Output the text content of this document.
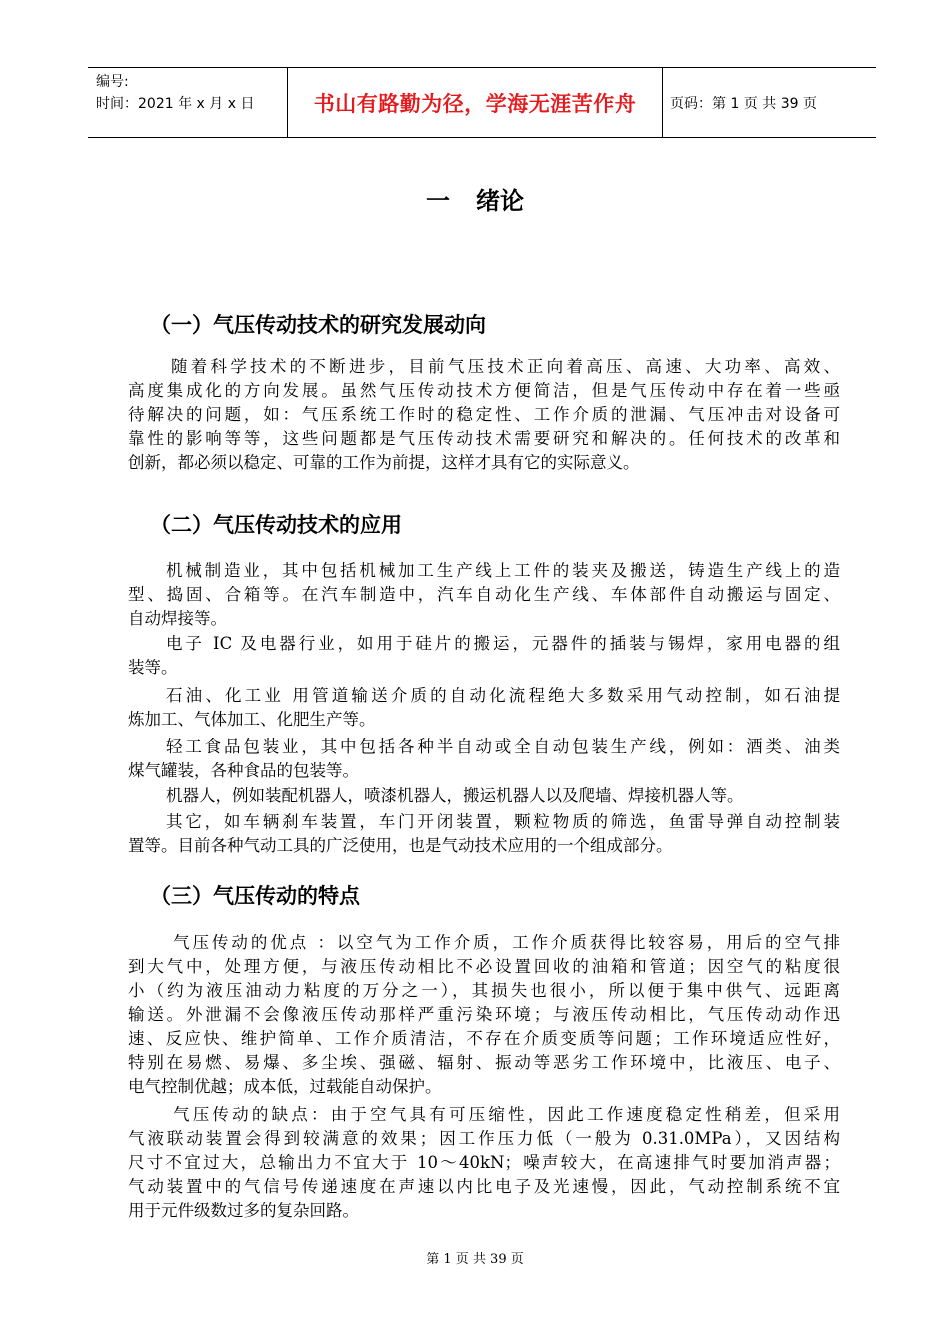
编号:
时间：2021 年 x 月 x 日	书山有路勤为径，学海无涯苦作舟 页码：第 1 页 共 39 页
一 绪论
（一）气压传动技术的研究发展动向
随着科学技术的不断进步，目前气压技术正向着高压、高速、大功率、高效、
高度集成化的方向发展。虽然气压传动技术方便简洁，但是气压传动中存在着一些亟
待解决的问题，如：气压系统工作时的稳定性、工作介质的泄漏、气压冲击对设备可
靠性的影响等等，这些问题都是气压传动技术需要研究和解决的。任何技术的改革和
创新，都必须以稳定、可靠的工作为前提，这样才具有它的实际意义。
（二）气压传动技术的应用
机械制造业，其中包括机械加工生产线上工件的装夹及搬送，铸造生产线上的造
型、捣固、合箱等。在汽车制造中，汽车自动化生产线、车体部件自动搬运与固定、
自动焊接等。
电子 IC 及电器行业，如用于硅片的搬运，元器件的插装与锡焊，家用电器的组
装等。
石油、化工业 用管道输送介质的自动化流程绝大多数采用气动控制，如石油提
炼加工、气体加工、化肥生产等。
轻工食品包装业，其中包括各种半自动或全自动包装生产线，例如：酒类、油类
煤气罐装，各种食品的包装等。
机器人，例如装配机器人，喷漆机器人，搬运机器人以及爬墙、焊接机器人等。
其它，如车辆刹车装置，车门开闭装置，颗粒物质的筛选，鱼雷导弹自动控制装
置等。目前各种气动工具的广泛使用，也是气动技术应用的一个组成部分。
（三）气压传动的特点
气压传动的优点 ：以空气为工作介质，工作介质获得比较容易，用后的空气排
到大气中，处理方便，与液压传动相比不必设置回收的油箱和管道；因空气的粘度很
小（约为液压油动力粘度的万分之一），其损失也很小，所以便于集中供气、远距离
输送。外泄漏不会像液压传动那样严重污染环境；与液压传动相比，气压传动动作迅
速、反应快、维护简单、工作介质清洁，不存在介质变质等问题；工作环境适应性好，
特别在易燃、易爆、多尘埃、强磁、辐射、振动等恶劣工作环境中，比液压、电子、
电气控制优越；成本低，过载能自动保护。
气压传动的缺点：由于空气具有可压缩性，因此工作速度稳定性稍差，但采用
气液联动装置会得到较满意的效果；因工作压力低（一般为 0.31.0MPa），又因结构
尺寸不宜过大，总输出力不宜大于 10～40kN；噪声较大，在高速排气时要加消声器；
气动装置中的气信号传递速度在声速以内比电子及光速慢，因此，气动控制系统不宜
用于元件级数过多的复杂回路。
第 1 页 共 39 页
